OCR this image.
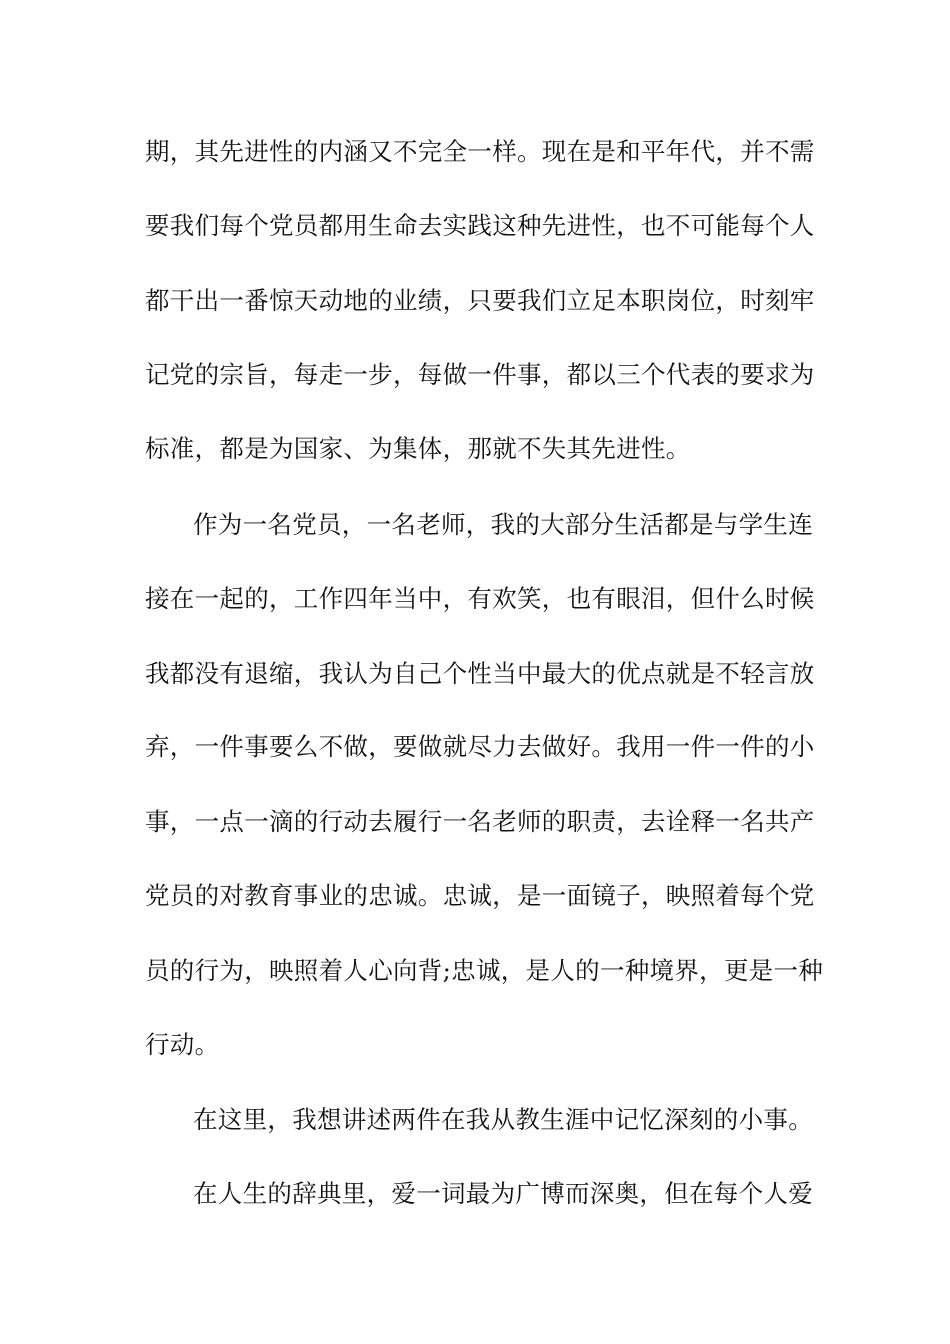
期，其先进性的内涵又不完全一样。现在是和平年代，并不需
要我们每个党员都用生命去实践这种先进性，也不可能每个人
都干出一番惊天动地的业绩，只要我们立足本职岗位，时刻牢
记党的宗旨，每走一步，每做一件事，都以三个代表的要求为
标准，都是为国家、为集体，那就不失其先进性。
作为一名党员，一名老师，我的大部分生活都是与学生连
接在一起的，工作四年当中，有欢笑，也有眼泪，但什么时候
我都没有退缩，我认为自己个性当中最大的优点就是不轻言放
弃，一件事要么不做，要做就尽力去做好。我用一件一件的小
事，一点一滴的行动去履行一名老师的职责，去诠释一名共产
党员的对教育事业的忠诚。忠诚，是一面镜子，映照着每个党
员的行为，映照着人心向背;忠诚，是人的一种境界，更是一种
行动。
在这里，我想讲述两件在我从教生涯中记忆深刻的小事。
在人生的辞典里，爱一词最为广博而深奥，但在每个人爱
